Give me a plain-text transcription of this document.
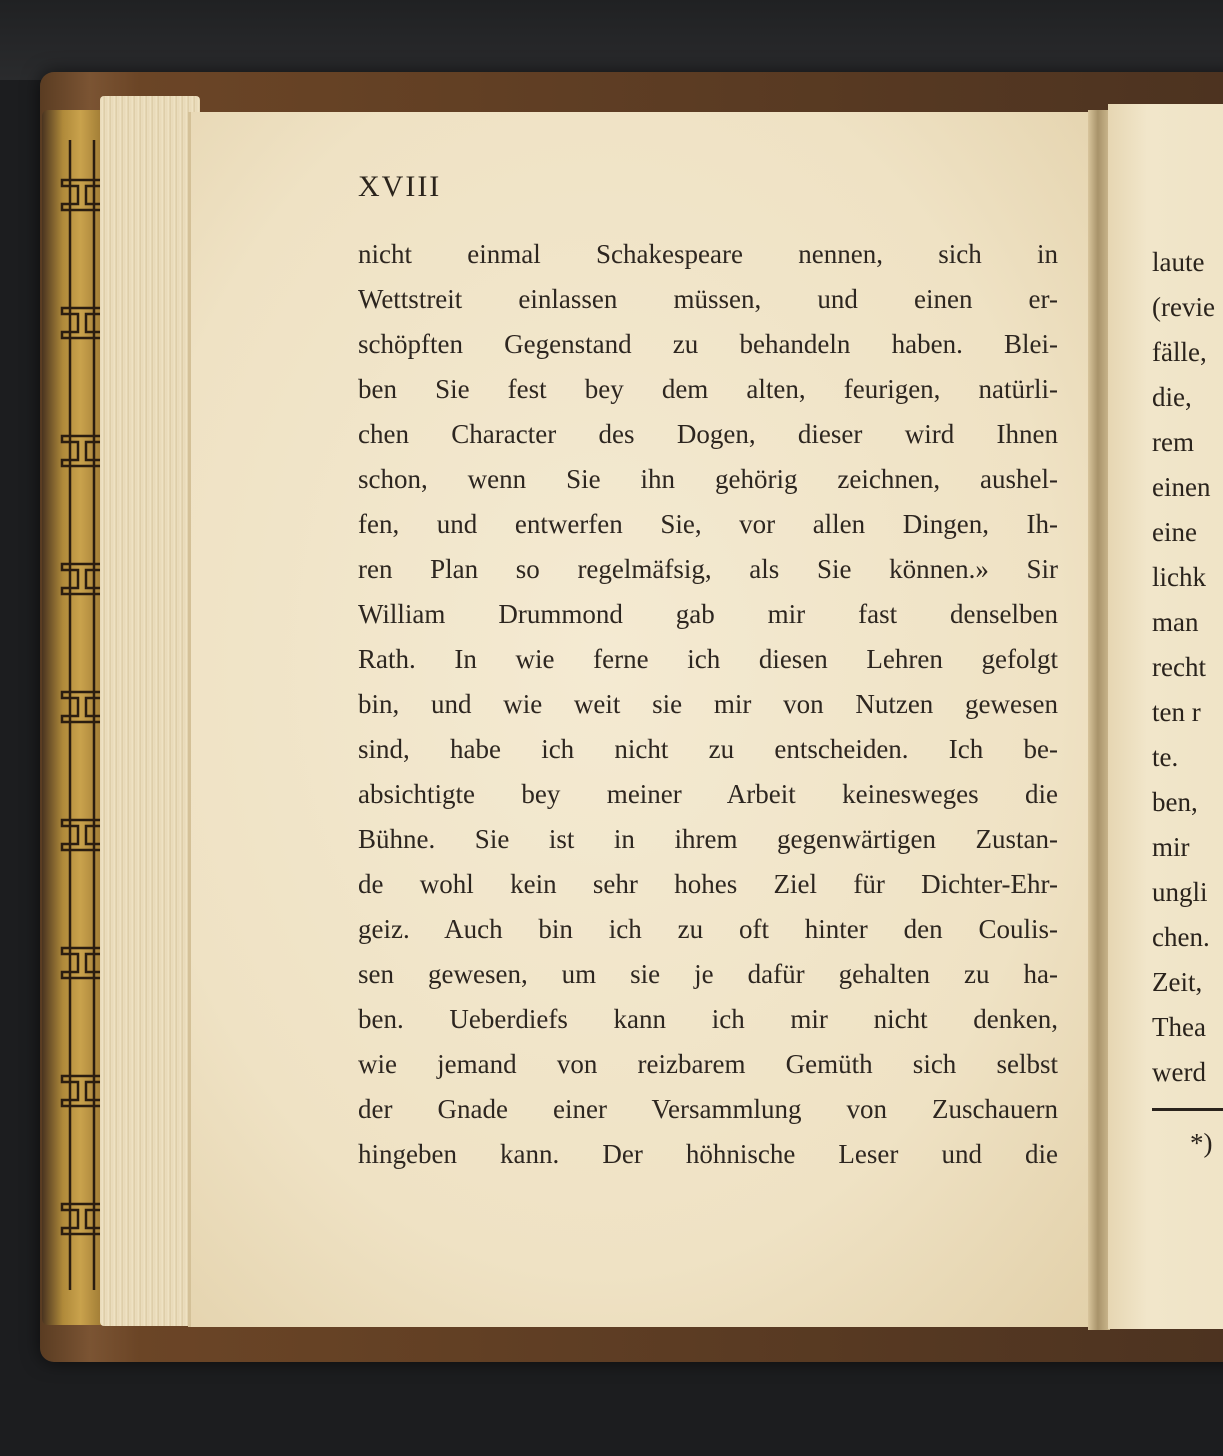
XVIII
nicht einmal Schakespeare nennen, sich in
Wettstreit einlassen müssen, und einen er-
schöpften Gegenstand zu behandeln haben. Blei-
ben Sie fest bey dem alten, feurigen, natürli-
chen Character des Dogen, dieser wird Ihnen
schon, wenn Sie ihn gehörig zeichnen, aushel-
fen, und entwerfen Sie, vor allen Dingen, Ih-
ren Plan so regelmäfsig, als Sie können.» Sir
William Drummond gab mir fast denselben
Rath. In wie ferne ich diesen Lehren gefolgt
bin, und wie weit sie mir von Nutzen gewesen
sind, habe ich nicht zu entscheiden. Ich be-
absichtigte bey meiner Arbeit keinesweges die
Bühne. Sie ist in ihrem gegenwärtigen Zustan-
de wohl kein sehr hohes Ziel für Dichter-Ehr-
geiz. Auch bin ich zu oft hinter den Coulis-
sen gewesen, um sie je dafür gehalten zu ha-
ben. Ueberdiefs kann ich mir nicht denken,
wie jemand von reizbarem Gemüth sich selbst
der Gnade einer Versammlung von Zuschauern
hingeben kann. Der höhnische Leser und die
laute
(revie
fälle,
die,
rem
einen
eine
lichk
man
recht
ten r
te.
ben,
mir
ungli
chen.
Zeit,
Thea
werd
*)
